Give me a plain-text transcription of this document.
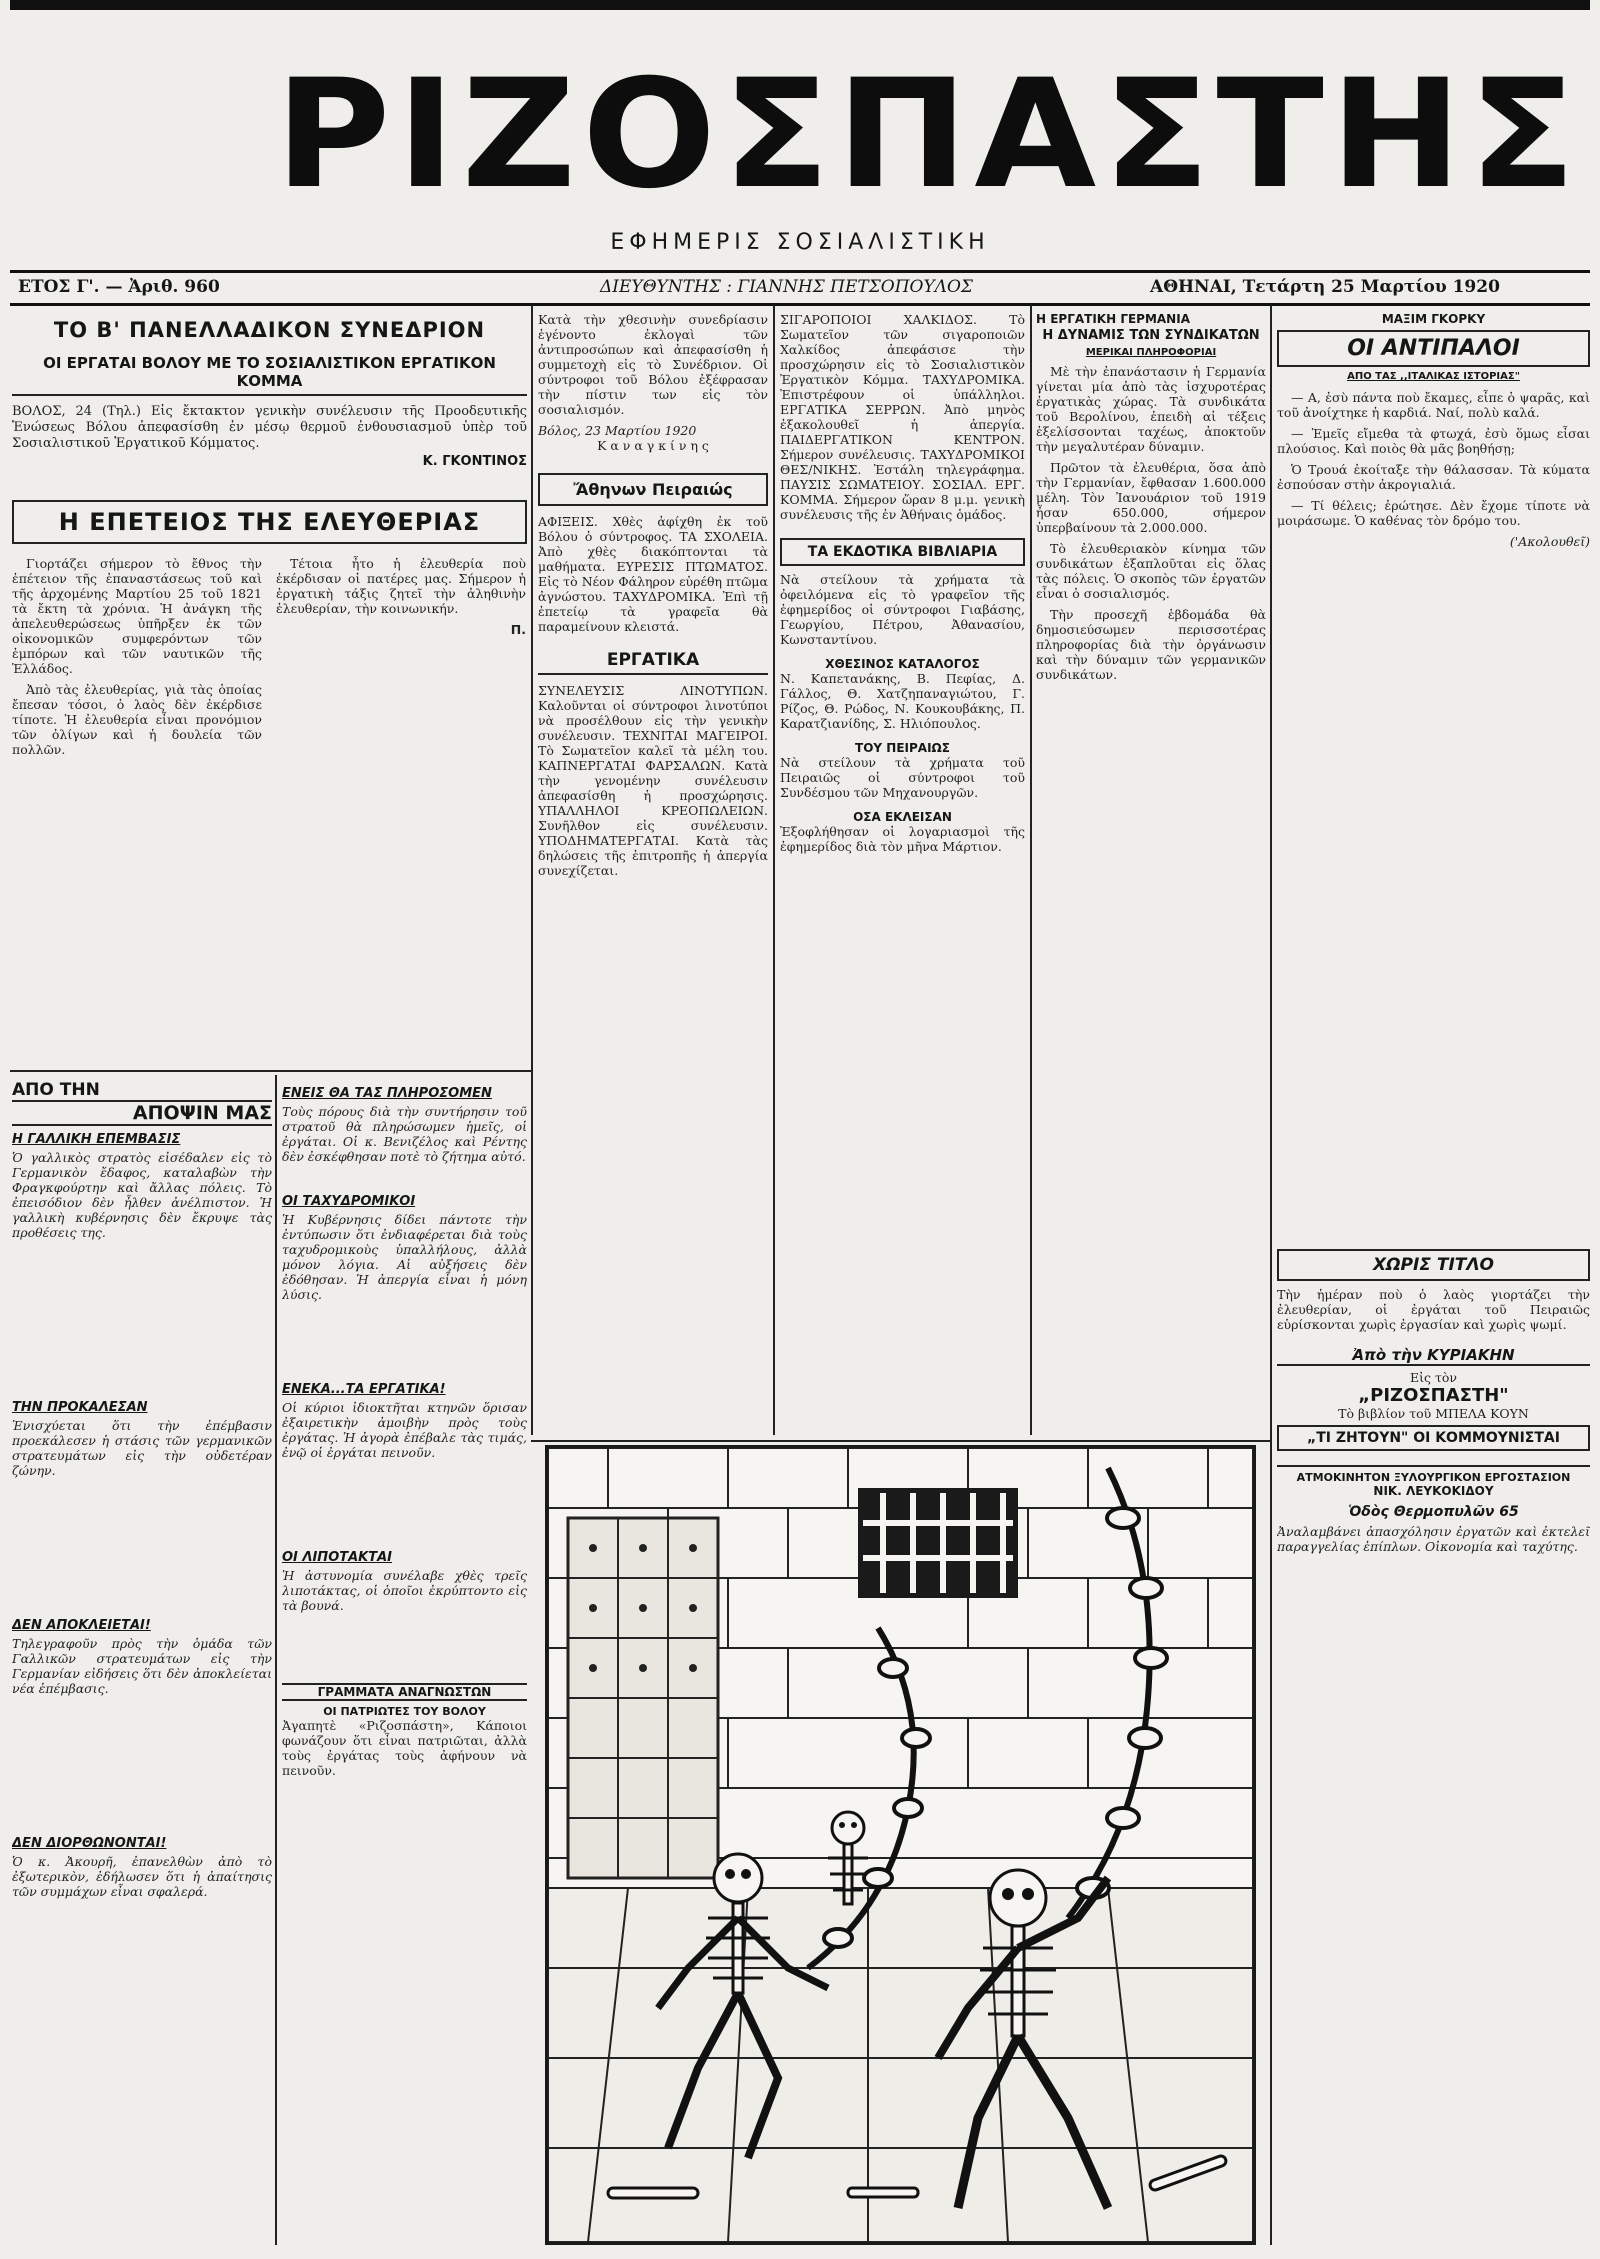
ΡΙΖΟΣΠΑΣΤΗΣ
ΕΦΗΜΕΡΙΣ ΣΟΣΙΑΛΙΣΤΙΚΗ
ΕΤΟΣ Γ'. — Ἀριθ. 960	ΔΙΕΥΘΥΝΤΗΣ : ΓΙΑΝΝΗΣ ΠΕΤΣΟΠΟΥΛΟΣ	ΑΘΗΝΑΙ, Τετάρτη 25 Μαρτίου 1920
ΤΟ Β' ΠΑΝΕΛΛΑΔΙΚΟΝ ΣΥΝΕΔΡΙΟΝ
ΟΙ ΕΡΓΑΤΑΙ ΒΟΛΟΥ ΜΕ ΤΟ ΣΟΣΙΑΛΙΣΤΙΚΟΝ ΕΡΓΑΤΙΚΟΝ ΚΟΜΜΑ
ΒΟΛΟΣ, 24 (Τηλ.) Εἰς ἔκτακτον γενικὴν συνέλευσιν τῆς Προοδευτικῆς Ἑνώσεως Βόλου ἀπεφασίσθη ἐν μέσῳ θερμοῦ ἐνθουσιασμοῦ ὑπὲρ τοῦ Σοσιαλιστικοῦ Ἐργατικοῦ Κόμματος.
Κ. ΓΚΟΝΤΙΝΟΣ
Η ΕΠΕΤΕΙΟΣ ΤΗΣ ΕΛΕΥΘΕΡΙΑΣ

Γιορτάζει σήμερον τὸ ἔθνος τὴν ἐπέτειον τῆς ἐπαναστάσεως τοῦ καὶ τῆς ἀρχομένης Μαρτίου 25 τοῦ 1821 τὰ ἔκτη τὰ χρόνια. Ἡ ἀνάγκη τῆς ἀπελευθερώσεως ὑπῆρξεν ἐκ τῶν οἰκονομικῶν συμφερόντων τῶν ἐμπόρων καὶ τῶν ναυτικῶν τῆς Ἑλλάδος.

Ἀπὸ τὰς ἐλευθερίας, γιὰ τὰς ὁποίας ἔπεσαν τόσοι, ὁ λαὸς δὲν ἐκέρδισε τίποτε. Ἡ ἐλευθερία εἶναι προνόμιον τῶν ὀλίγων καὶ ἡ δουλεία τῶν πολλῶν.

Τέτοια ἦτο ἡ ἐλευθερία ποὺ ἐκέρδισαν οἱ πατέρες μας. Σήμερον ἡ ἐργατικὴ τάξις ζητεῖ τὴν ἀληθινὴν ἐλευθερίαν, τὴν κοινωνικήν.

Π.

Κατὰ τὴν χθεσινὴν συνεδρίασιν ἐγένοντο ἐκλογαὶ τῶν ἀντιπροσώπων καὶ ἀπεφασίσθη ἡ συμμετοχὴ εἰς τὸ Συνέδριον. Οἱ σύντροφοι τοῦ Βόλου ἐξέφρασαν τὴν πίστιν των εἰς τὸν σοσιαλισμόν.
Βόλος, 23 Μαρτίου 1920
Κ α ν α γ κ ί ν η ς
Ἄθηνων Πειραιώς
ΑΦΙΞΕΙΣ. Χθὲς ἀφίχθη ἐκ τοῦ Βόλου ὁ σύντροφος. ΤΑ ΣΧΟΛΕΙΑ. Ἀπὸ χθὲς διακόπτονται τὰ μαθήματα. ΕΥΡΕΣΙΣ ΠΤΩΜΑΤΟΣ. Εἰς τὸ Νέον Φάληρον εὑρέθη πτῶμα ἀγνώστου. ΤΑΧΥΔΡΟΜΙΚΑ. Ἐπὶ τῇ ἐπετείῳ τὰ γραφεῖα θὰ παραμείνουν κλειστά.
ΕΡΓΑΤΙΚΑ
ΣΥΝΕΛΕΥΣΙΣ ΛΙΝΟΤΥΠΩΝ. Καλοῦνται οἱ σύντροφοι λινοτύποι νὰ προσέλθουν εἰς τὴν γενικὴν συνέλευσιν. ΤΕΧΝΙΤΑΙ ΜΑΓΕΙΡΟΙ. Τὸ Σωματεῖον καλεῖ τὰ μέλη του. ΚΑΠΝΕΡΓΑΤΑΙ ΦΑΡΣΑΛΩΝ. Κατὰ τὴν γενομένην συνέλευσιν ἀπεφασίσθη ἡ προσχώρησις. ΥΠΑΛΛΗΛΟΙ ΚΡΕΟΠΩΛΕΙΩΝ. Συνῆλθον εἰς συνέλευσιν. ΥΠΟΔΗΜΑΤΕΡΓΑΤΑΙ. Κατὰ τὰς δηλώσεις τῆς ἐπιτροπῆς ἡ ἀπεργία συνεχίζεται.
ΣΙΓΑΡΟΠΟΙΟΙ ΧΑΛΚΙΔΟΣ. Τὸ Σωματεῖον τῶν σιγαροποιῶν Χαλκίδος ἀπεφάσισε τὴν προσχώρησιν εἰς τὸ Σοσιαλιστικὸν Ἐργατικὸν Κόμμα. ΤΑΧΥΔΡΟΜΙΚΑ. Ἐπιστρέφουν οἱ ὑπάλληλοι. ΕΡΓΑΤΙΚΑ ΣΕΡΡΩΝ. Ἀπὸ μηνὸς ἐξακολουθεῖ ἡ ἀπεργία. ΠΑΙΔΕΡΓΑΤΙΚΟΝ ΚΕΝΤΡΟΝ. Σήμερον συνέλευσις. ΤΑΧΥΔΡΟΜΙΚΟΙ ΘΕΣ/ΝΙΚΗΣ. Ἐστάλη τηλεγράφημα. ΠΑΥΣΙΣ ΣΩΜΑΤΕΙΟΥ. ΣΟΣΙΑΛ. ΕΡΓ. ΚΟΜΜΑ. Σήμερον ὥραν 8 μ.μ. γενικὴ συνέλευσις τῆς ἐν Ἀθήναις ὁμάδος.
ΤΑ ΕΚΔΟΤΙΚΑ ΒΙΒΛΙΑΡΙΑ
Νὰ στείλουν τὰ χρήματα τὰ ὀφειλόμενα εἰς τὸ γραφεῖον τῆς ἐφημερίδος οἱ σύντροφοι Γιαβάσης, Γεωργίου, Πέτρου, Ἀθανασίου, Κωνσταντίνου.
ΧΘΕΣΙΝΟΣ ΚΑΤΑΛΟΓΟΣ
Ν. Καπετανάκης, Β. Πεφίας, Δ. Γάλλος, Θ. Χατζηπαναγιώτου, Γ. Ρίζος, Θ. Ρώδος, Ν. Κουκουβάκης, Π. Καρατζιανίδης, Σ. Ηλιόπουλος.
ΤΟΥ ΠΕΙΡΑΙΩΣ
Νὰ στείλουν τὰ χρήματα τοῦ Πειραιῶς οἱ σύντροφοι τοῦ Συνδέσμου τῶν Μηχανουργῶν.
ΟΣΑ ΕΚΛΕΙΣΑΝ
Ἐξοφλήθησαν οἱ λογαριασμοὶ τῆς ἐφημερίδος διὰ τὸν μῆνα Μάρτιον.
Η ΕΡΓΑΤΙΚΗ ΓΕΡΜΑΝΙΑ
Η ΔΥΝΑΜΙΣ ΤΩΝ ΣΥΝΔΙΚΑΤΩΝ
ΜΕΡΙΚΑΙ ΠΛΗΡΟΦΟΡΙΑΙ

Μὲ τὴν ἐπανάστασιν ἡ Γερμανία γίνεται μία ἀπὸ τὰς ἰσχυροτέρας ἐργατικὰς χώρας. Τὰ συνδικάτα τοῦ Βερολίνου, ἐπειδὴ αἱ τέξεις ἐξελίσσονται ταχέως, ἀποκτοῦν τὴν μεγαλυτέραν δύναμιν.

Πρῶτον τὰ ἐλευθέρια, ὅσα ἀπὸ τὴν Γερμανίαν, ἔφθασαν 1.600.000 μέλη. Τὸν Ἰανουάριον τοῦ 1919 ἦσαν 650.000, σήμερον ὑπερβαίνουν τὰ 2.000.000.

Τὸ ἐλευθεριακὸν κίνημα τῶν συνδικάτων ἐξαπλοῦται εἰς ὅλας τὰς πόλεις. Ὁ σκοπὸς τῶν ἐργατῶν εἶναι ὁ σοσιαλισμός.

Τὴν προσεχῆ ἑβδομάδα θὰ δημοσιεύσωμεν περισσοτέρας πληροφορίας διὰ τὴν ὀργάνωσιν καὶ τὴν δύναμιν τῶν γερμανικῶν συνδικάτων.

ΜΑΞΙΜ ΓΚΟΡΚΥ
ΟΙ ΑΝΤΙΠΑΛΟΙ
ΑΠΟ ΤΑΣ ,,ΙΤΑΛΙΚΑΣ ΙΣΤΟΡΙΑΣ"

— Α, ἐσὺ πάντα ποὺ ἔκαμες, εἶπε ὁ ψαρᾶς, καὶ τοῦ ἀνοίχτηκε ἡ καρδιά. Ναί, πολὺ καλά.

— Ἐμεῖς εἴμεθα τὰ φτωχά, ἐσὺ ὅμως εἶσαι πλούσιος. Καὶ ποιὸς θὰ μᾶς βοηθήσῃ;

Ὁ Τρουά ἐκοίταξε τὴν θάλασσαν. Τὰ κύματα ἐσπούσαν στὴν ἀκρογιαλιά.

— Τί θέλεις; ἐρώτησε. Δὲν ἔχομε τίποτε νὰ μοιράσωμε. Ὁ καθένας τὸν δρόμο του.

('Ακολουθεῖ)
ΧΩΡΙΣ ΤΙΤΛΟ
Τὴν ἡμέραν ποὺ ὁ λαὸς γιορτάζει τὴν ἐλευθερίαν, οἱ ἐργάται τοῦ Πειραιῶς εὑρίσκονται χωρὶς ἐργασίαν καὶ χωρὶς ψωμί.
Ἀπὸ τὴν ΚΥΡΙΑΚΗΝ
Εἰς τὸν
„ΡΙΖΟΣΠΑΣΤΗ"
Τὸ βιβλίον τοῦ ΜΠΕΛΑ ΚΟΥΝ
„ΤΙ ΖΗΤΟΥΝ" ΟΙ ΚΟΜΜΟΥΝΙΣΤΑΙ
ΑΤΜΟΚΙΝΗΤΟΝ ΞΥΛΟΥΡΓΙΚΟΝ ΕΡΓΟΣΤΑΣΙΟΝ
ΝΙΚ. ΛΕΥΚΟΚΙΔΟΥ
Ὁδὸς Θερμοπυλῶν 65
Ἀναλαμβάνει ἀπασχόλησιν ἐργατῶν καὶ ἐκτελεῖ παραγγελίας ἐπίπλων. Οἰκονομία καὶ ταχύτης.
ΑΠΟ ΤΗΝ
ΑΠΟΨΙΝ ΜΑΣ
Η ΓΑΛΛΙΚΗ ΕΠΕΜΒΑΣΙΣ
Ὁ γαλλικὸς στρατὸς εἰσέδαλεν εἰς τὸ Γερμανικὸν ἔδαφος, καταλαβὼν τὴν Φραγκφούρτην καὶ ἄλλας πόλεις. Τὸ ἐπεισόδιον δὲν ἦλθεν ἀνέλπιστον. Ἡ γαλλικὴ κυβέρνησις δὲν ἔκρυψε τὰς προθέσεις της.
ΤΗΝ ΠΡΟΚΑΛΕΣΑΝ
Ἐνισχύεται ὅτι τὴν ἐπέμβασιν προεκάλεσεν ἡ στάσις τῶν γερμανικῶν στρατευμάτων εἰς τὴν οὐδετέραν ζώνην.
ΔΕΝ ΑΠΟΚΛΕΙΕΤΑΙ!
Τηλεγραφοῦν πρὸς τὴν ὁμάδα τῶν Γαλλικῶν στρατευμάτων εἰς τὴν Γερμανίαν εἰδήσεις ὅτι δὲν ἀποκλείεται νέα ἐπέμβασις.
ΔΕΝ ΔΙΟΡΘΩΝΟΝΤΑΙ!
Ὁ κ. Ἀκουρῆ, ἐπανελθὼν ἀπὸ τὸ ἐξωτερικὸν, ἐδήλωσεν ὅτι ἡ ἀπαίτησις τῶν συμμάχων εἶναι σφαλερά.
ΕΝΕΙΣ ΘΑ ΤΑΣ ΠΛΗΡΟΣΟΜΕΝ
Τοὺς πόρους διὰ τὴν συντήρησιν τοῦ στρατοῦ θὰ πληρώσωμεν ἡμεῖς, οἱ ἐργάται. Οἱ κ. Βενιζέλος καὶ Ρέντης δὲν ἐσκέφθησαν ποτὲ τὸ ζήτημα αὐτό.
ΟΙ ΤΑΧΥΔΡΟΜΙΚΟΙ
Ἡ Κυβέρνησις δίδει πάντοτε τὴν ἐντύπωσιν ὅτι ἐνδιαφέρεται διὰ τοὺς ταχυδρομικοὺς ὑπαλλήλους, ἀλλὰ μόνον λόγια. Αἱ αὐξήσεις δὲν ἐδόθησαν. Ἡ ἀπεργία εἶναι ἡ μόνη λύσις.
ΕΝΕΚΑ...ΤΑ ΕΡΓΑΤΙΚΑ!
Οἱ κύριοι ἰδιοκτῆται κτηνῶν ὅρισαν ἐξαιρετικὴν ἀμοιβὴν πρὸς τοὺς ἐργάτας. Ἡ ἀγορὰ ἐπέβαλε τὰς τιμάς, ἐνῷ οἱ ἐργάται πεινοῦν.
ΟΙ ΛΙΠΟΤΑΚΤΑΙ
Ἡ ἀστυνομία συνέλαβε χθὲς τρεῖς λιποτάκτας, οἱ ὁποῖοι ἐκρύπτοντο εἰς τὰ βουνά.
ΓΡΑΜΜΑΤΑ ΑΝΑΓΝΩΣΤΩΝ
ΟΙ ΠΑΤΡΙΩΤΕΣ ΤΟΥ ΒΟΛΟΥ
Ἀγαπητὲ «Ριζοσπάστη», Κάποιοι φωνάζουν ὅτι εἶναι πατριῶται, ἀλλὰ τοὺς ἐργάτας τοὺς ἀφήνουν νὰ πεινοῦν.
